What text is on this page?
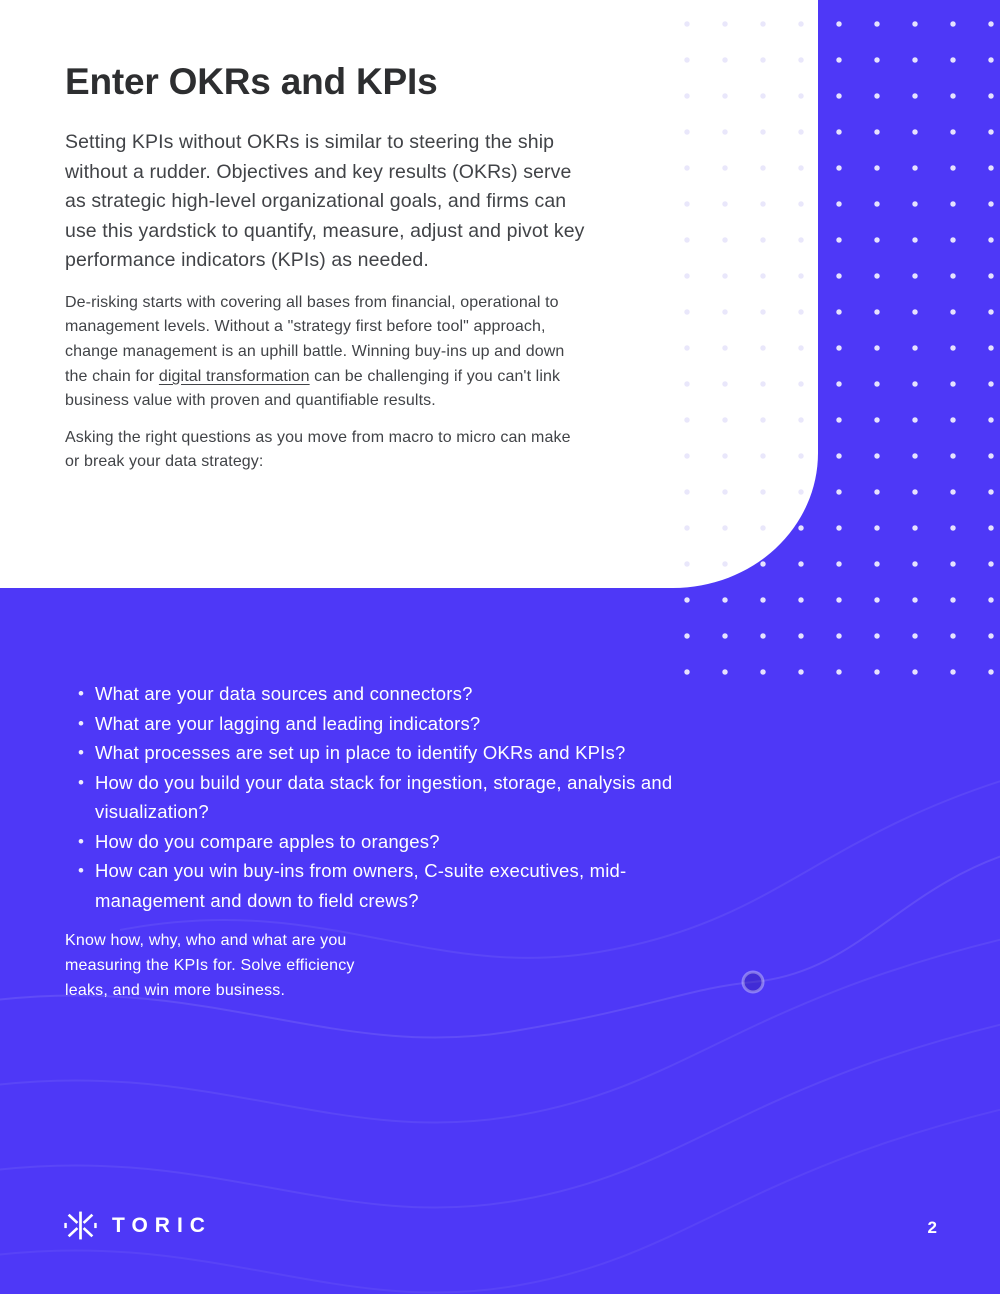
Enter OKRs and KPIs

Setting KPIs without OKRs is similar to steering the ship without a rudder. Objectives and key results (OKRs) serve as strategic high-level organizational goals, and firms can use this yardstick to quantify, measure, adjust and pivot key performance indicators (KPIs) as needed.

De-risking starts with covering all bases from financial, operational to management levels. Without a "strategy first before tool" approach, change management is an uphill battle. Winning buy-ins up and down the chain for digital transformation can be challenging if you can't link business value with proven and quantifiable results.

Asking the right questions as you move from macro to micro can make or break your data strategy:

• What are your data sources and connectors?
• What are your lagging and leading indicators?
• What processes are set up in place to identify OKRs and KPIs?
• How do you build your data stack for ingestion, storage, analysis and visualization?
• How do you compare apples to oranges?
• How can you win buy-ins from owners, C-suite executives, mid-management and down to field crews?

Know how, why, who and what are you measuring the KPIs for. Solve efficiency leaks, and win more business.

TORIC	2
